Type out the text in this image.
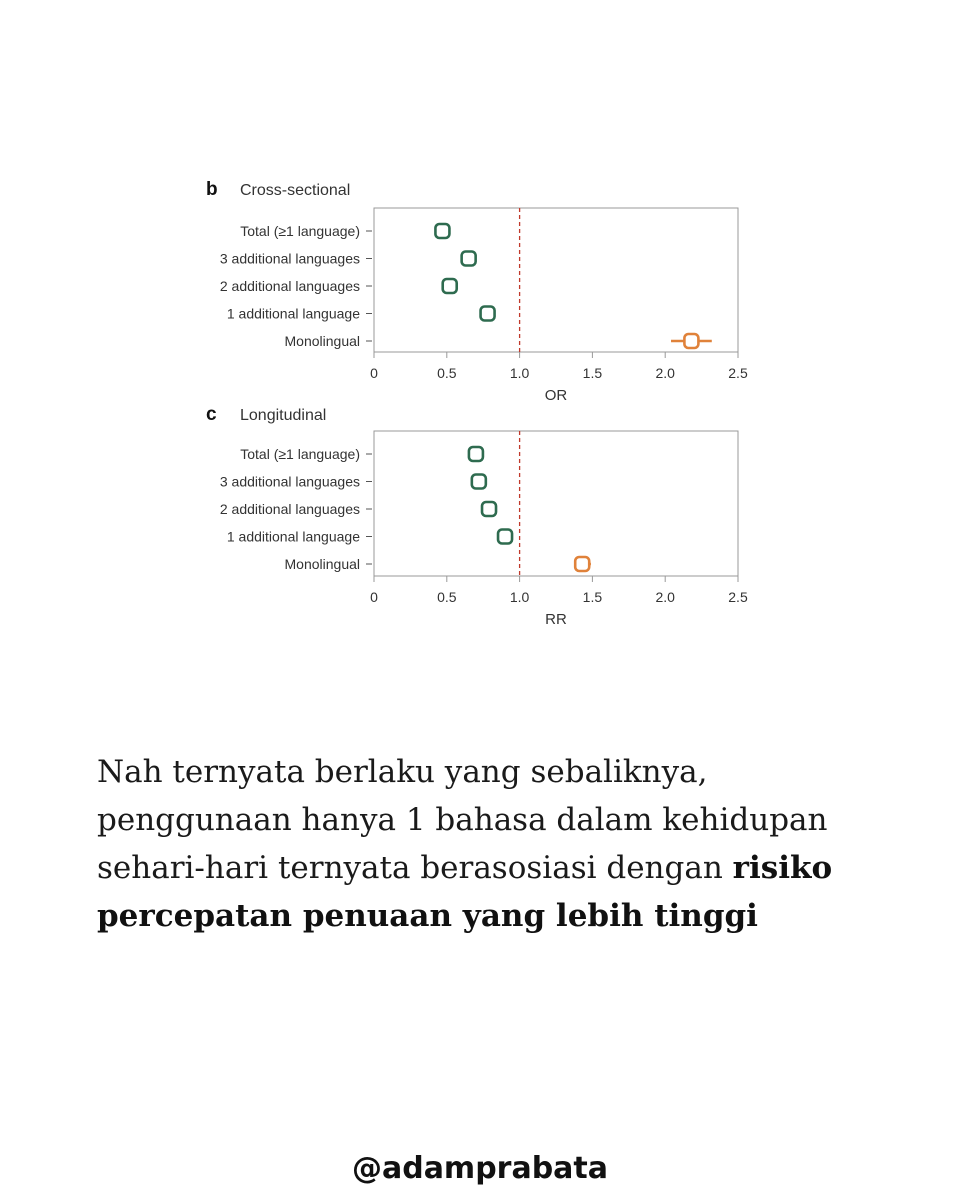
b Cross-sectional
0	0.5	1.0	1.5	2.0	2.5
OR
Total (≥1 language)
3 additional languages
2 additional languages
1 additional language
Monolingual
c Longitudinal
0	0.5	1.0	1.5	2.0	2.5
RR
Total (≥1 language)
3 additional languages
2 additional languages
1 additional language
Monolingual

Nah ternyata berlaku yang sebaliknya, penggunaan hanya 1 bahasa dalam kehidupan sehari-hari ternyata berasosiasi dengan risiko percepatan penuaan yang lebih tinggi

@adamprabata
